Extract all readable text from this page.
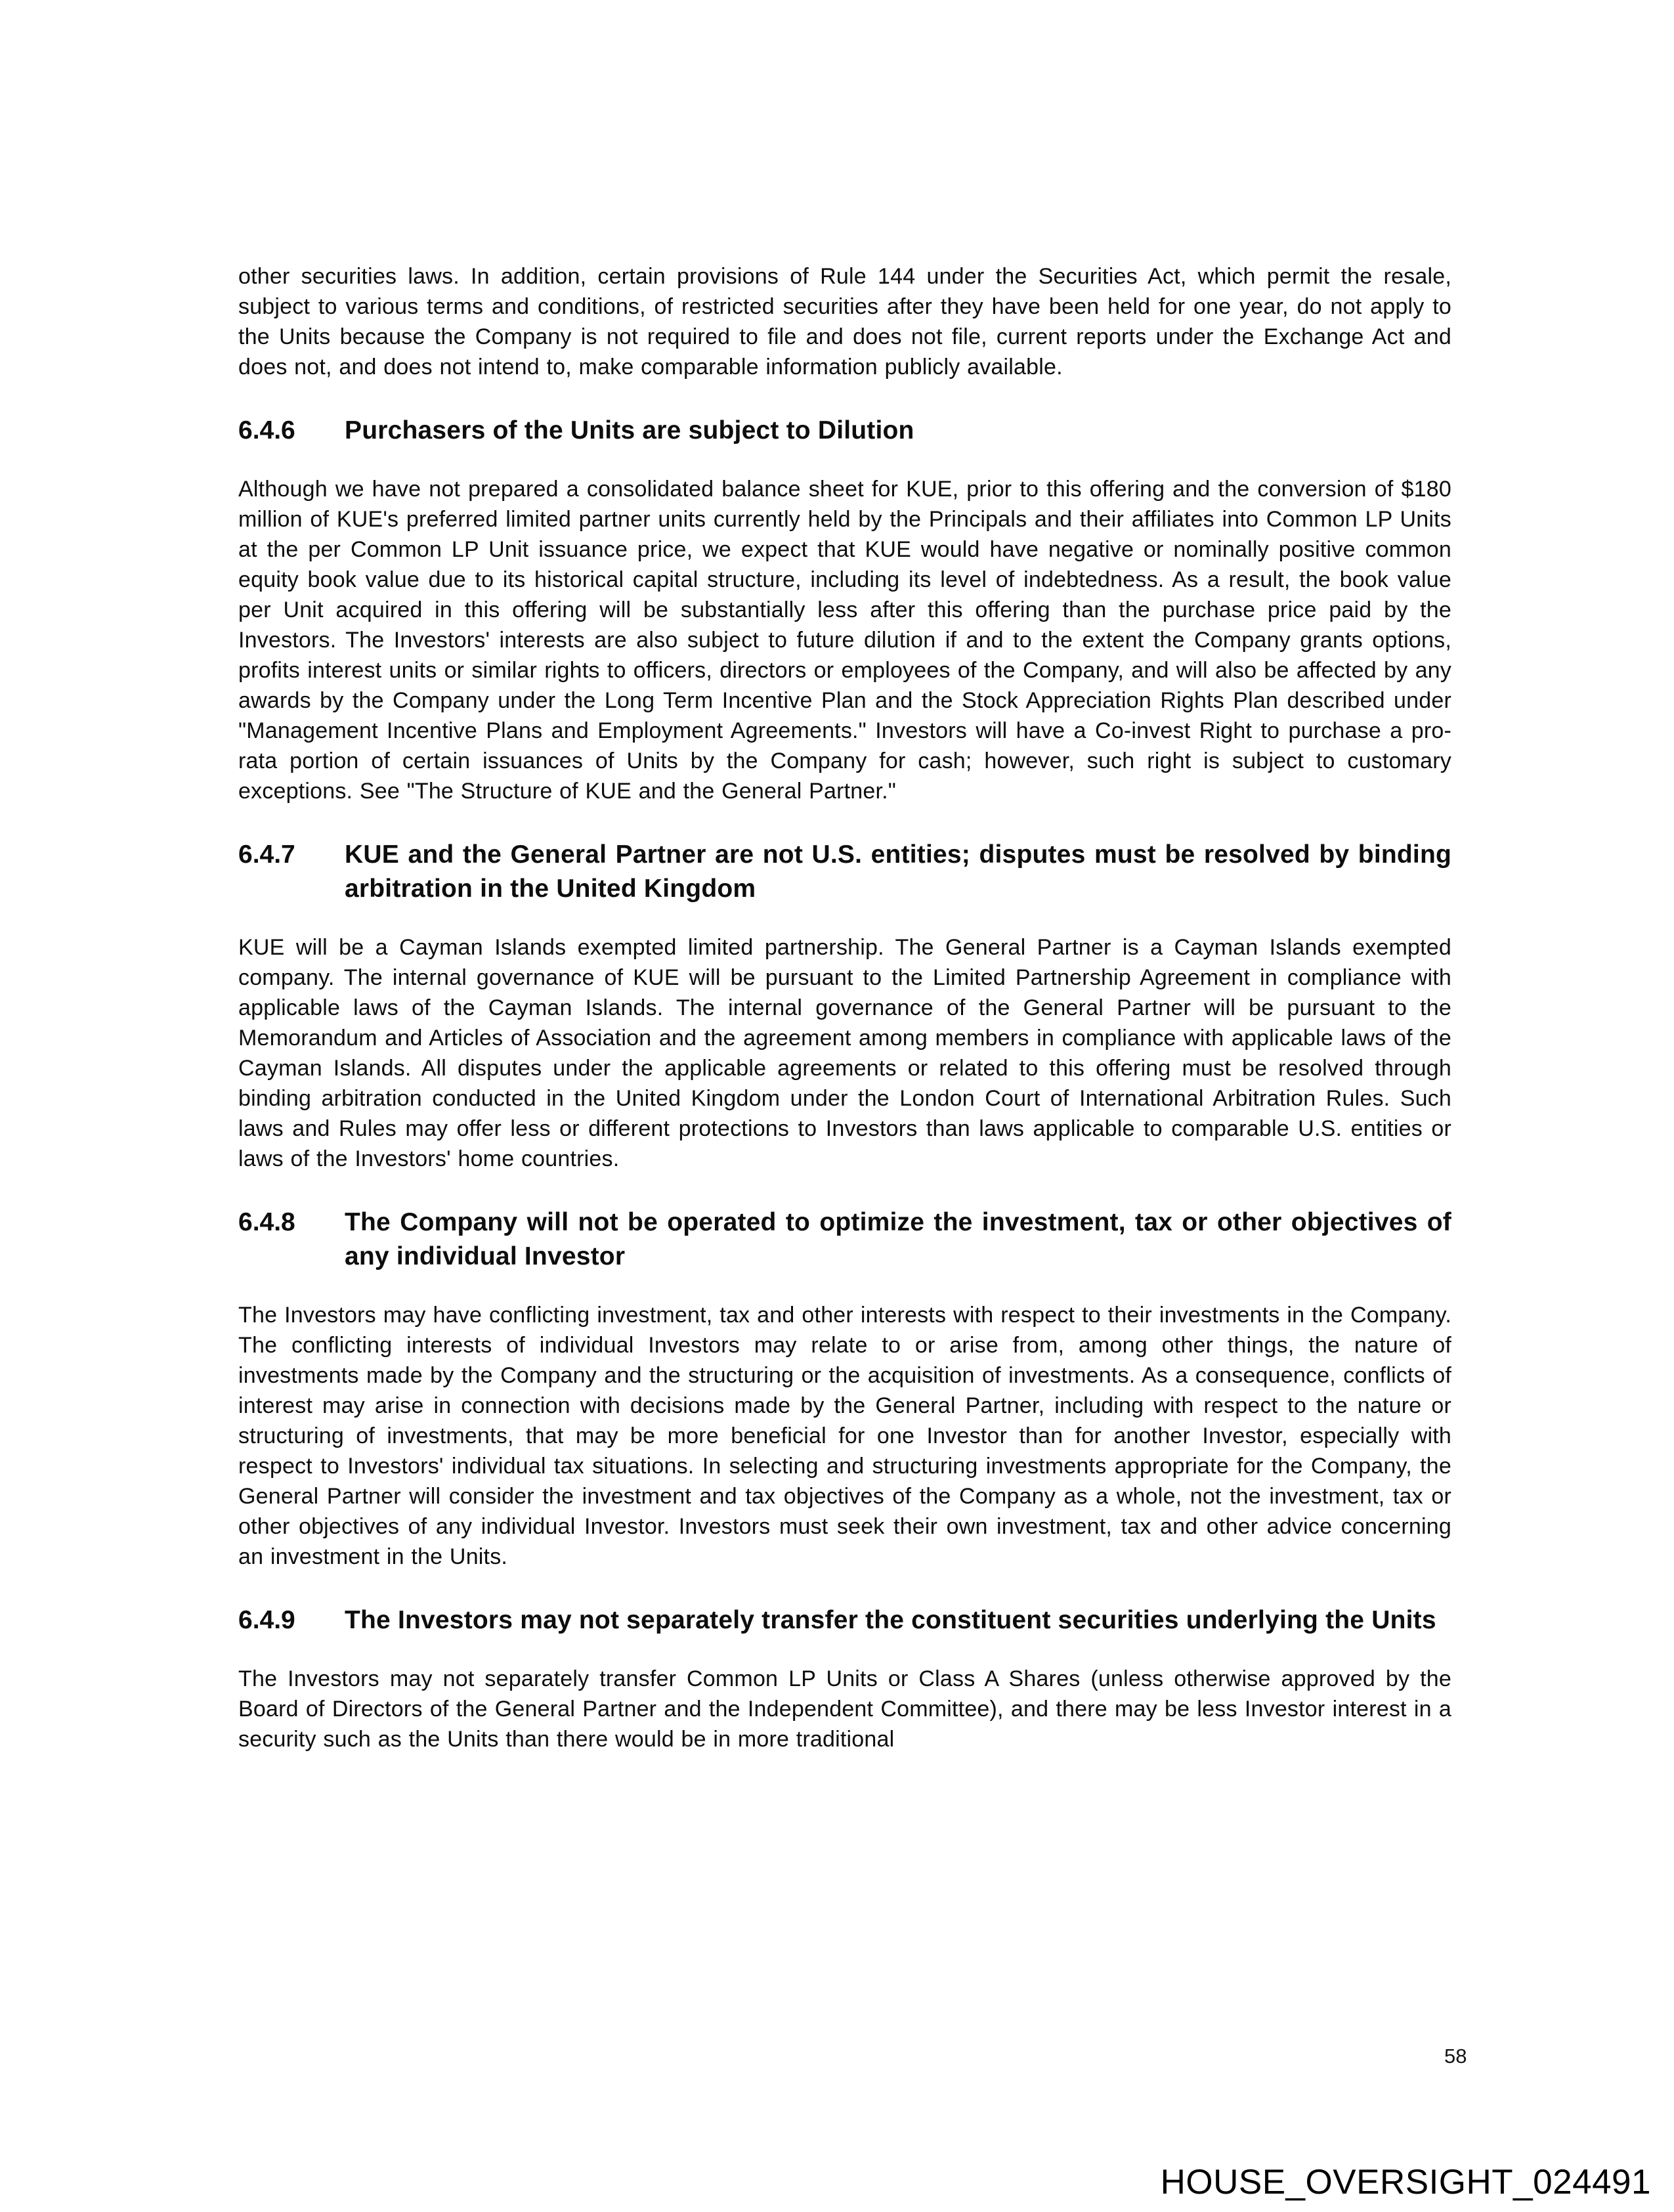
other securities laws. In addition, certain provisions of Rule 144 under the Securities Act, which permit the resale, subject to various terms and conditions, of restricted securities after they have been held for one year, do not apply to the Units because the Company is not required to file and does not file, current reports under the Exchange Act and does not, and does not intend to, make comparable information publicly available.

6.4.6	Purchasers of the Units are subject to Dilution

Although we have not prepared a consolidated balance sheet for KUE, prior to this offering and the conversion of $180 million of KUE's preferred limited partner units currently held by the Principals and their affiliates into Common LP Units at the per Common LP Unit issuance price, we expect that KUE would have negative or nominally positive common equity book value due to its historical capital structure, including its level of indebtedness. As a result, the book value per Unit acquired in this offering will be substantially less after this offering than the purchase price paid by the Investors. The Investors' interests are also subject to future dilution if and to the extent the Company grants options, profits interest units or similar rights to officers, directors or employees of the Company, and will also be affected by any awards by the Company under the Long Term Incentive Plan and the Stock Appreciation Rights Plan described under "Management Incentive Plans and Employment Agreements." Investors will have a Co-invest Right to purchase a pro-rata portion of certain issuances of Units by the Company for cash; however, such right is subject to customary exceptions. See "The Structure of KUE and the General Partner."

6.4.7	KUE and the General Partner are not U.S. entities; disputes must be resolved by binding arbitration in the United Kingdom

KUE will be a Cayman Islands exempted limited partnership. The General Partner is a Cayman Islands exempted company. The internal governance of KUE will be pursuant to the Limited Partnership Agreement in compliance with applicable laws of the Cayman Islands. The internal governance of the General Partner will be pursuant to the Memorandum and Articles of Association and the agreement among members in compliance with applicable laws of the Cayman Islands. All disputes under the applicable agreements or related to this offering must be resolved through binding arbitration conducted in the United Kingdom under the London Court of International Arbitration Rules. Such laws and Rules may offer less or different protections to Investors than laws applicable to comparable U.S. entities or laws of the Investors' home countries.

6.4.8	The Company will not be operated to optimize the investment, tax or other objectives of any individual Investor

The Investors may have conflicting investment, tax and other interests with respect to their investments in the Company. The conflicting interests of individual Investors may relate to or arise from, among other things, the nature of investments made by the Company and the structuring or the acquisition of investments. As a consequence, conflicts of interest may arise in connection with decisions made by the General Partner, including with respect to the nature or structuring of investments, that may be more beneficial for one Investor than for another Investor, especially with respect to Investors' individual tax situations. In selecting and structuring investments appropriate for the Company, the General Partner will consider the investment and tax objectives of the Company as a whole, not the investment, tax or other objectives of any individual Investor. Investors must seek their own investment, tax and other advice concerning an investment in the Units.

6.4.9	The Investors may not separately transfer the constituent securities underlying the Units

The Investors may not separately transfer Common LP Units or Class A Shares (unless otherwise approved by the Board of Directors of the General Partner and the Independent Committee), and there may be less Investor interest in a security such as the Units than there would be in more traditional

58
HOUSE_OVERSIGHT_024491
